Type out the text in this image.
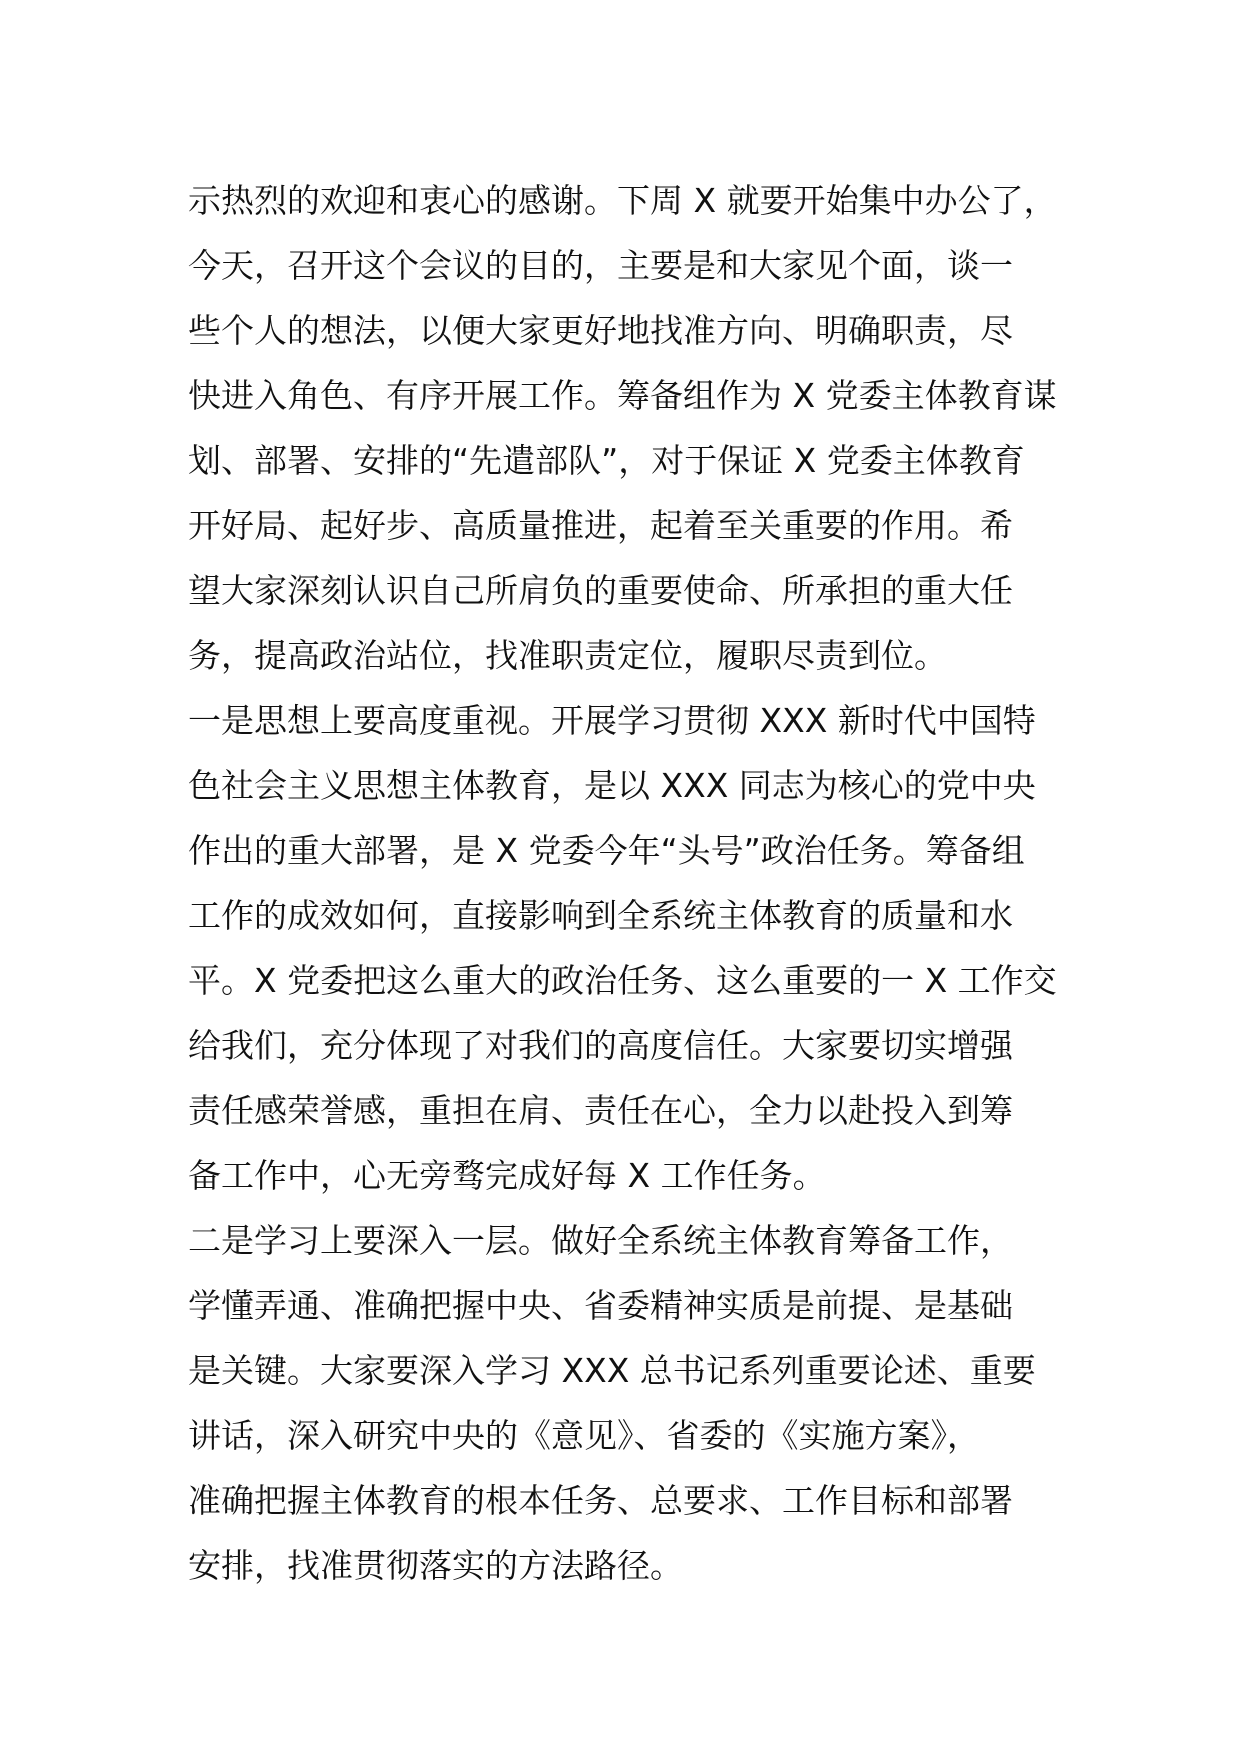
示热烈的欢迎和衷心的感谢。下周 X 就要开始集中办公了，
今天，召开这个会议的目的，主要是和大家见个面，谈一
些个人的想法，以便大家更好地找准方向、明确职责，尽
快进入角色、有序开展工作。筹备组作为 X 党委主体教育谋
划、部署、安排的“先遣部队”，对于保证 X 党委主体教育
开好局、起好步、高质量推进，起着至关重要的作用。希
望大家深刻认识自己所肩负的重要使命、所承担的重大任
务，提高政治站位，找准职责定位，履职尽责到位。
一是思想上要高度重视。开展学习贯彻 XXX 新时代中国特
色社会主义思想主体教育，是以 XXX 同志为核心的党中央
作出的重大部署，是 X 党委今年“头号”政治任务。筹备组
工作的成效如何，直接影响到全系统主体教育的质量和水
平。X 党委把这么重大的政治任务、这么重要的一 X 工作交
给我们，充分体现了对我们的高度信任。大家要切实增强
责任感荣誉感，重担在肩、责任在心，全力以赴投入到筹
备工作中，心无旁骛完成好每 X 工作任务。
二是学习上要深入一层。做好全系统主体教育筹备工作，
学懂弄通、准确把握中央、省委精神实质是前提、是基础
是关键。大家要深入学习 XXX 总书记系列重要论述、重要
讲话，深入研究中央的《意见》、省委的《实施方案》，
准确把握主体教育的根本任务、总要求、工作目标和部署
安排，找准贯彻落实的方法路径。
